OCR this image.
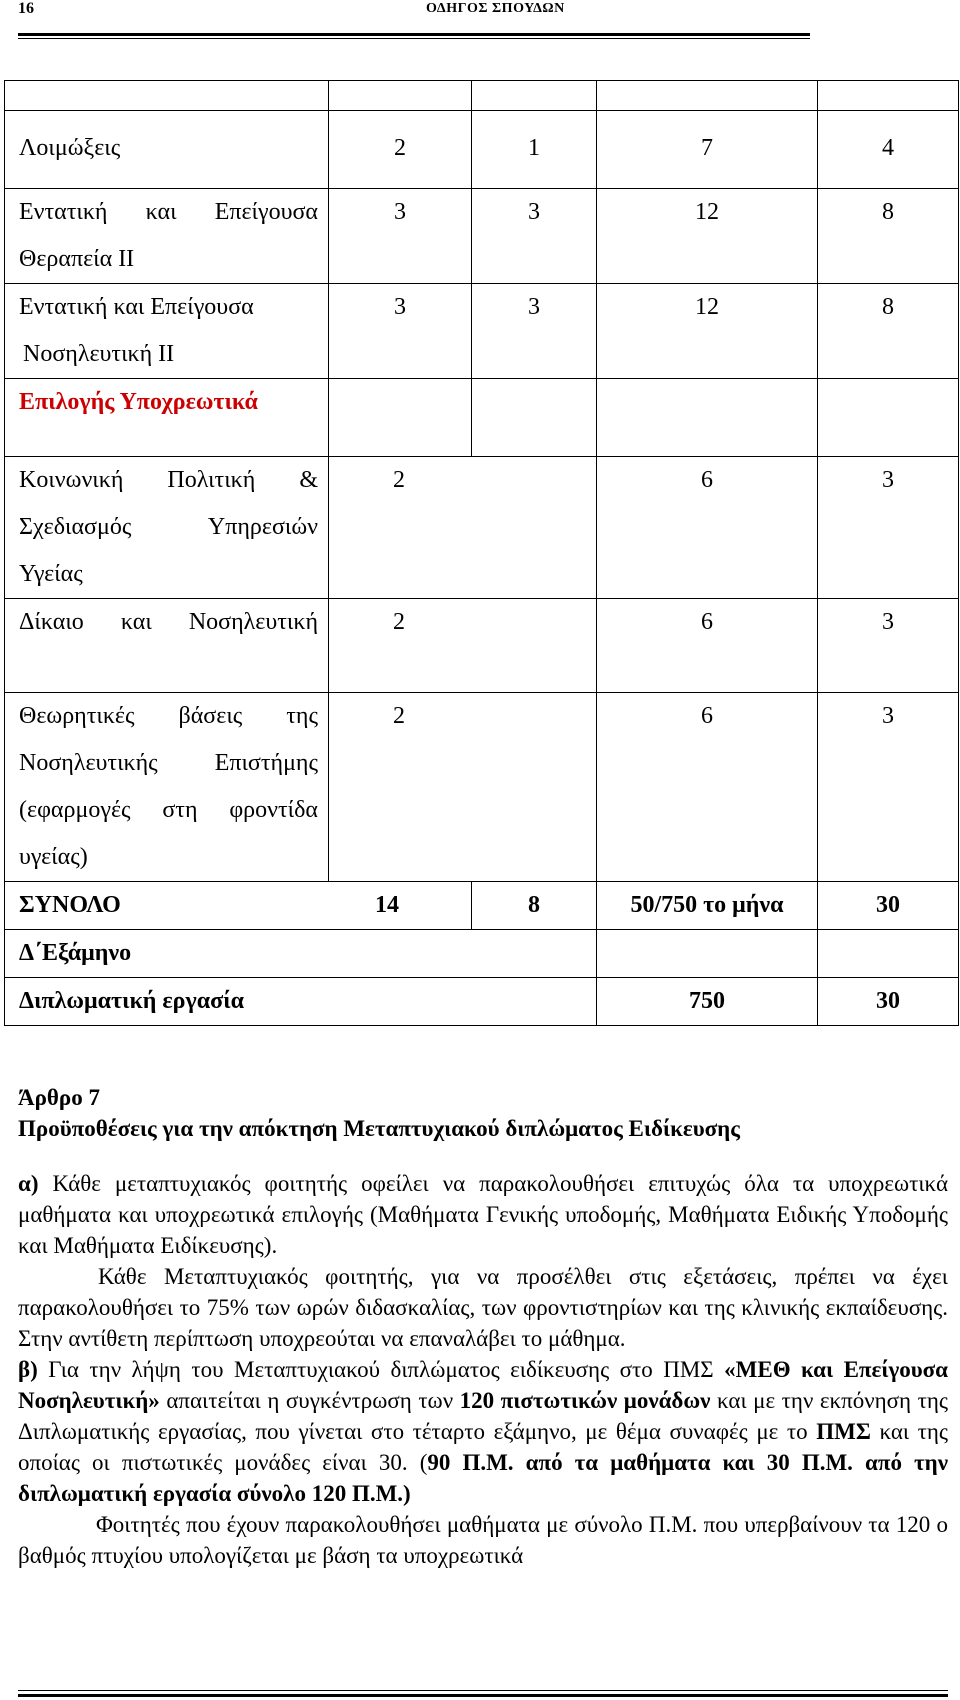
16	ΟΔΗΓΟΣ ΣΠΟΥΔΩΝ

Λοιμώξεις	2	1	7	4

Εντατική και Επείγουσα
Θεραπεία ΙΙ	3	3	12	8

Εντατική και Επείγουσα
Νοσηλευτική ΙΙ	3	3	12	8

Επιλογής Υποχρεωτικά				

Κοινωνική Πολιτική &
Σχεδιασμός Υπηρεσιών
Υγείας	2		6	3

Δίκαιο και Νοσηλευτική	2		6	3

Θεωρητικές βάσεις της
Νοσηλευτικής Επιστήμης
(εφαρμογές στη φροντίδα
υγείας)	2		6	3

ΣΥΝΟΛΟ 14		8	50/750 το μήνα	30

Δ΄Εξάμηνο				

Διπλωματική εργασία			750	30
Άρθρο 7
Προϋποθέσεις για την απόκτηση Μεταπτυχιακού διπλώματος Ειδίκευσης

α) Κάθε μεταπτυχιακός φοιτητής οφείλει να παρακολουθήσει επιτυχώς όλα τα υποχρεωτικά μαθήματα και υποχρεωτικά επιλογής (Μαθήματα Γενικής υποδομής, Μαθήματα Ειδικής Υποδομής και Μαθήματα Ειδίκευσης).

Κάθε Μεταπτυχιακός φοιτητής, για να προσέλθει στις εξετάσεις, πρέπει να έχει παρακολουθήσει το 75% των ωρών διδασκαλίας, των φροντιστηρίων και της κλινικής εκπαίδευσης. Στην αντίθετη περίπτωση υποχρεούται να επαναλάβει το μάθημα.

β) Για την λήψη του Μεταπτυχιακού διπλώματος ειδίκευσης στο ΠΜΣ «ΜΕΘ και Επείγουσα Νοσηλευτική» απαιτείται η συγκέντρωση των 120 πιστωτικών μονάδων και με την εκπόνηση της Διπλωματικής εργασίας, που γίνεται στο τέταρτο εξάμηνο, με θέμα συναφές με το ΠΜΣ και της οποίας οι πιστωτικές μονάδες είναι 30. (90 Π.Μ. από τα μαθήματα και 30 Π.Μ. από την διπλωματική εργασία σύνολο 120 Π.Μ.)

Φοιτητές που έχουν παρακολουθήσει μαθήματα με σύνολο Π.Μ. που υπερβαίνουν τα 120 ο βαθμός πτυχίου υπολογίζεται με βάση τα υποχρεωτικά
